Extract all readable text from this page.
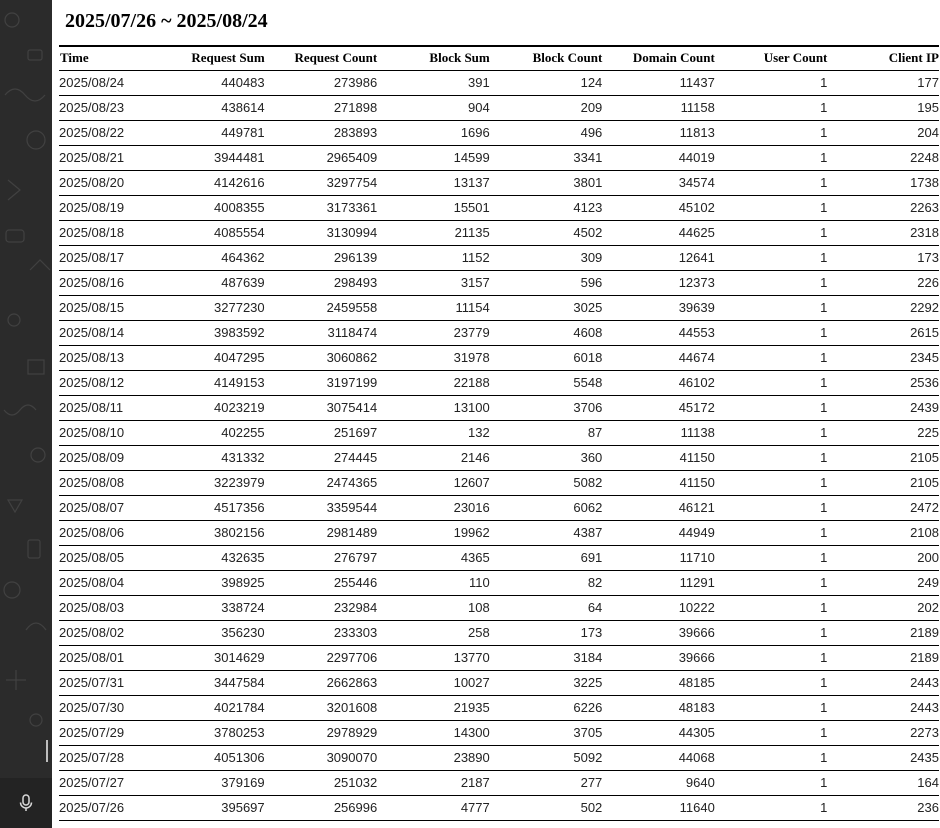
2025/07/26 ~ 2025/08/24
Time	Request Sum	Request Count	Block Sum	Block Count	Domain Count	User Count	Client IP
2025/08/24	440483	273986	391	124	11437	1	177
2025/08/23	438614	271898	904	209	11158	1	195
2025/08/22	449781	283893	1696	496	11813	1	204
2025/08/21	3944481	2965409	14599	3341	44019	1	2248
2025/08/20	4142616	3297754	13137	3801	34574	1	1738
2025/08/19	4008355	3173361	15501	4123	45102	1	2263
2025/08/18	4085554	3130994	21135	4502	44625	1	2318
2025/08/17	464362	296139	1152	309	12641	1	173
2025/08/16	487639	298493	3157	596	12373	1	226
2025/08/15	3277230	2459558	11154	3025	39639	1	2292
2025/08/14	3983592	3118474	23779	4608	44553	1	2615
2025/08/13	4047295	3060862	31978	6018	44674	1	2345
2025/08/12	4149153	3197199	22188	5548	46102	1	2536
2025/08/11	4023219	3075414	13100	3706	45172	1	2439
2025/08/10	402255	251697	132	87	11138	1	225
2025/08/09	431332	274445	2146	360	41150	1	2105
2025/08/08	3223979	2474365	12607	5082	41150	1	2105
2025/08/07	4517356	3359544	23016	6062	46121	1	2472
2025/08/06	3802156	2981489	19962	4387	44949	1	2108
2025/08/05	432635	276797	4365	691	11710	1	200
2025/08/04	398925	255446	110	82	11291	1	249
2025/08/03	338724	232984	108	64	10222	1	202
2025/08/02	356230	233303	258	173	39666	1	2189
2025/08/01	3014629	2297706	13770	3184	39666	1	2189
2025/07/31	3447584	2662863	10027	3225	48185	1	2443
2025/07/30	4021784	3201608	21935	6226	48183	1	2443
2025/07/29	3780253	2978929	14300	3705	44305	1	2273
2025/07/28	4051306	3090070	23890	5092	44068	1	2435
2025/07/27	379169	251032	2187	277	9640	1	164
2025/07/26	395697	256996	4777	502	11640	1	236
